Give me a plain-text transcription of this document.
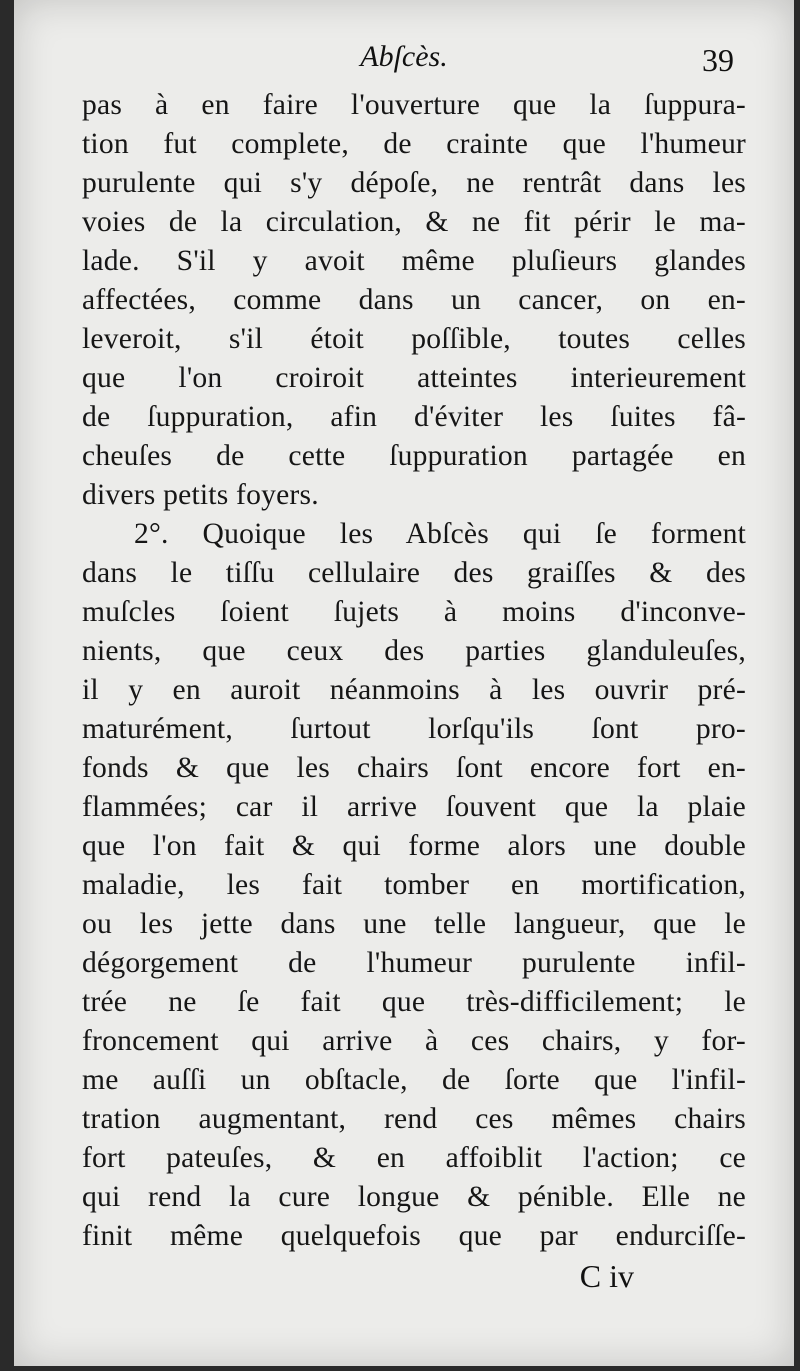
Abſcès.	39
pas à en faire l'ouverture que la ſuppura-
tion fut complete, de crainte que l'humeur
purulente qui s'y dépoſe, ne rentrât dans les
voies de la circulation, & ne fit périr le ma-
lade. S'il y avoit même pluſieurs glandes
affectées, comme dans un cancer, on en-
leveroit, s'il étoit poſſible, toutes celles
que l'on croiroit atteintes interieurement
de ſuppuration, afin d'éviter les ſuites fâ-
cheuſes de cette ſuppuration partagée en
divers petits foyers.
2°. Quoique les Abſcès qui ſe forment
dans le tiſſu cellulaire des graiſſes & des
muſcles ſoient ſujets à moins d'inconve-
nients, que ceux des parties glanduleuſes,
il y en auroit néanmoins à les ouvrir pré-
maturément, ſurtout lorſqu'ils ſont pro-
fonds & que les chairs ſont encore fort en-
flammées; car il arrive ſouvent que la plaie
que l'on fait & qui forme alors une double
maladie, les fait tomber en mortification,
ou les jette dans une telle langueur, que le
dégorgement de l'humeur purulente infil-
trée ne ſe fait que très-difficilement; le
froncement qui arrive à ces chairs, y for-
me auſſi un obſtacle, de ſorte que l'infil-
tration augmentant, rend ces mêmes chairs
fort pateuſes, & en affoiblit l'action; ce
qui rend la cure longue & pénible. Elle ne
finit même quelquefois que par endurciſſe-
C iv
